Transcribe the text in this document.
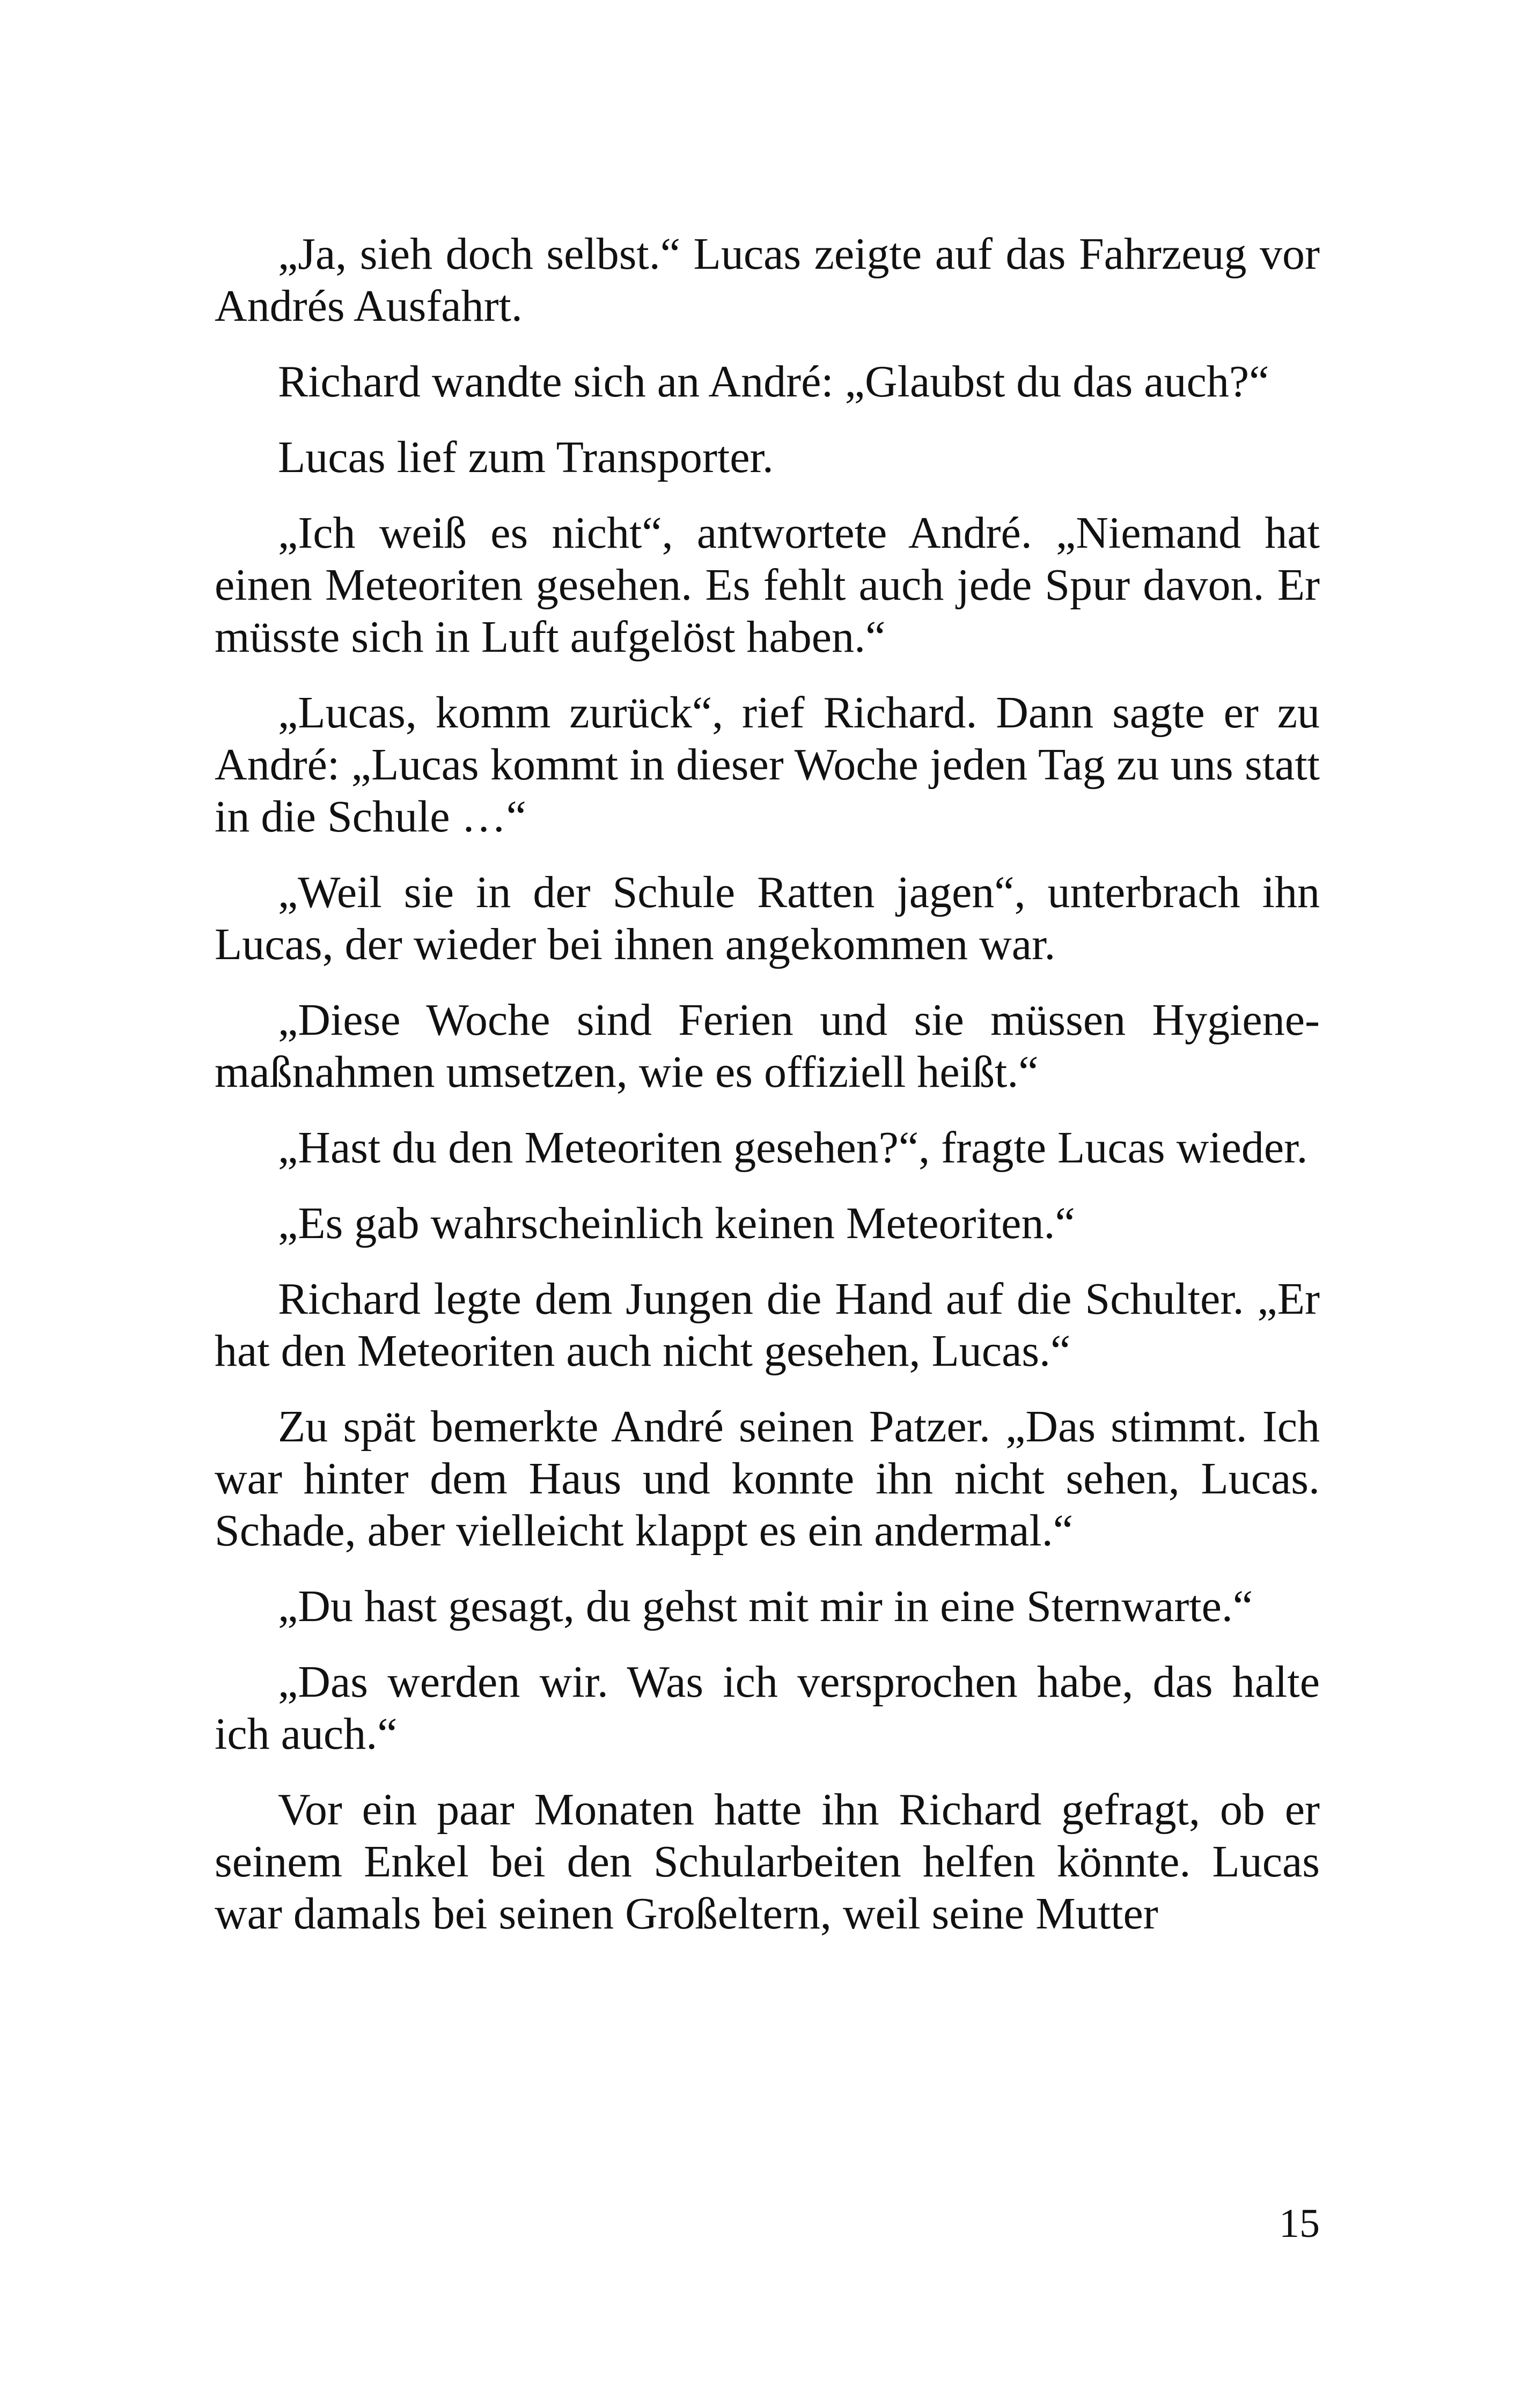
„Ja, sieh doch selbst.“ Lucas zeigte auf das Fahrzeug vor Andrés Ausfahrt.

Richard wandte sich an André: „Glaubst du das auch?“

Lucas lief zum Transporter.

„Ich weiß es nicht“, antwortete André. „Niemand hat einen Meteoriten gesehen. Es fehlt auch jede Spur davon. Er müsste sich in Luft aufgelöst haben.“

„Lucas, komm zurück“, rief Richard. Dann sagte er zu André: „Lucas kommt in dieser Woche jeden Tag zu uns statt in die Schule …“

„Weil sie in der Schule Ratten jagen“, unterbrach ihn Lucas, der wieder bei ihnen angekommen war.

„Diese Woche sind Ferien und sie müssen Hygienemaßnahmen umsetzen, wie es offiziell heißt.“

„Hast du den Meteoriten gesehen?“, fragte Lucas wieder.

„Es gab wahrscheinlich keinen Meteoriten.“

Richard legte dem Jungen die Hand auf die Schulter. „Er hat den Meteoriten auch nicht gesehen, Lucas.“

Zu spät bemerkte André seinen Patzer. „Das stimmt. Ich war hinter dem Haus und konnte ihn nicht sehen, Lucas. Schade, aber vielleicht klappt es ein andermal.“

„Du hast gesagt, du gehst mit mir in eine Sternwarte.“

„Das werden wir. Was ich versprochen habe, das halte ich auch.“

Vor ein paar Monaten hatte ihn Richard gefragt, ob er seinem Enkel bei den Schularbeiten helfen könnte. Lucas war damals bei seinen Großeltern, weil seine Mutter

15
